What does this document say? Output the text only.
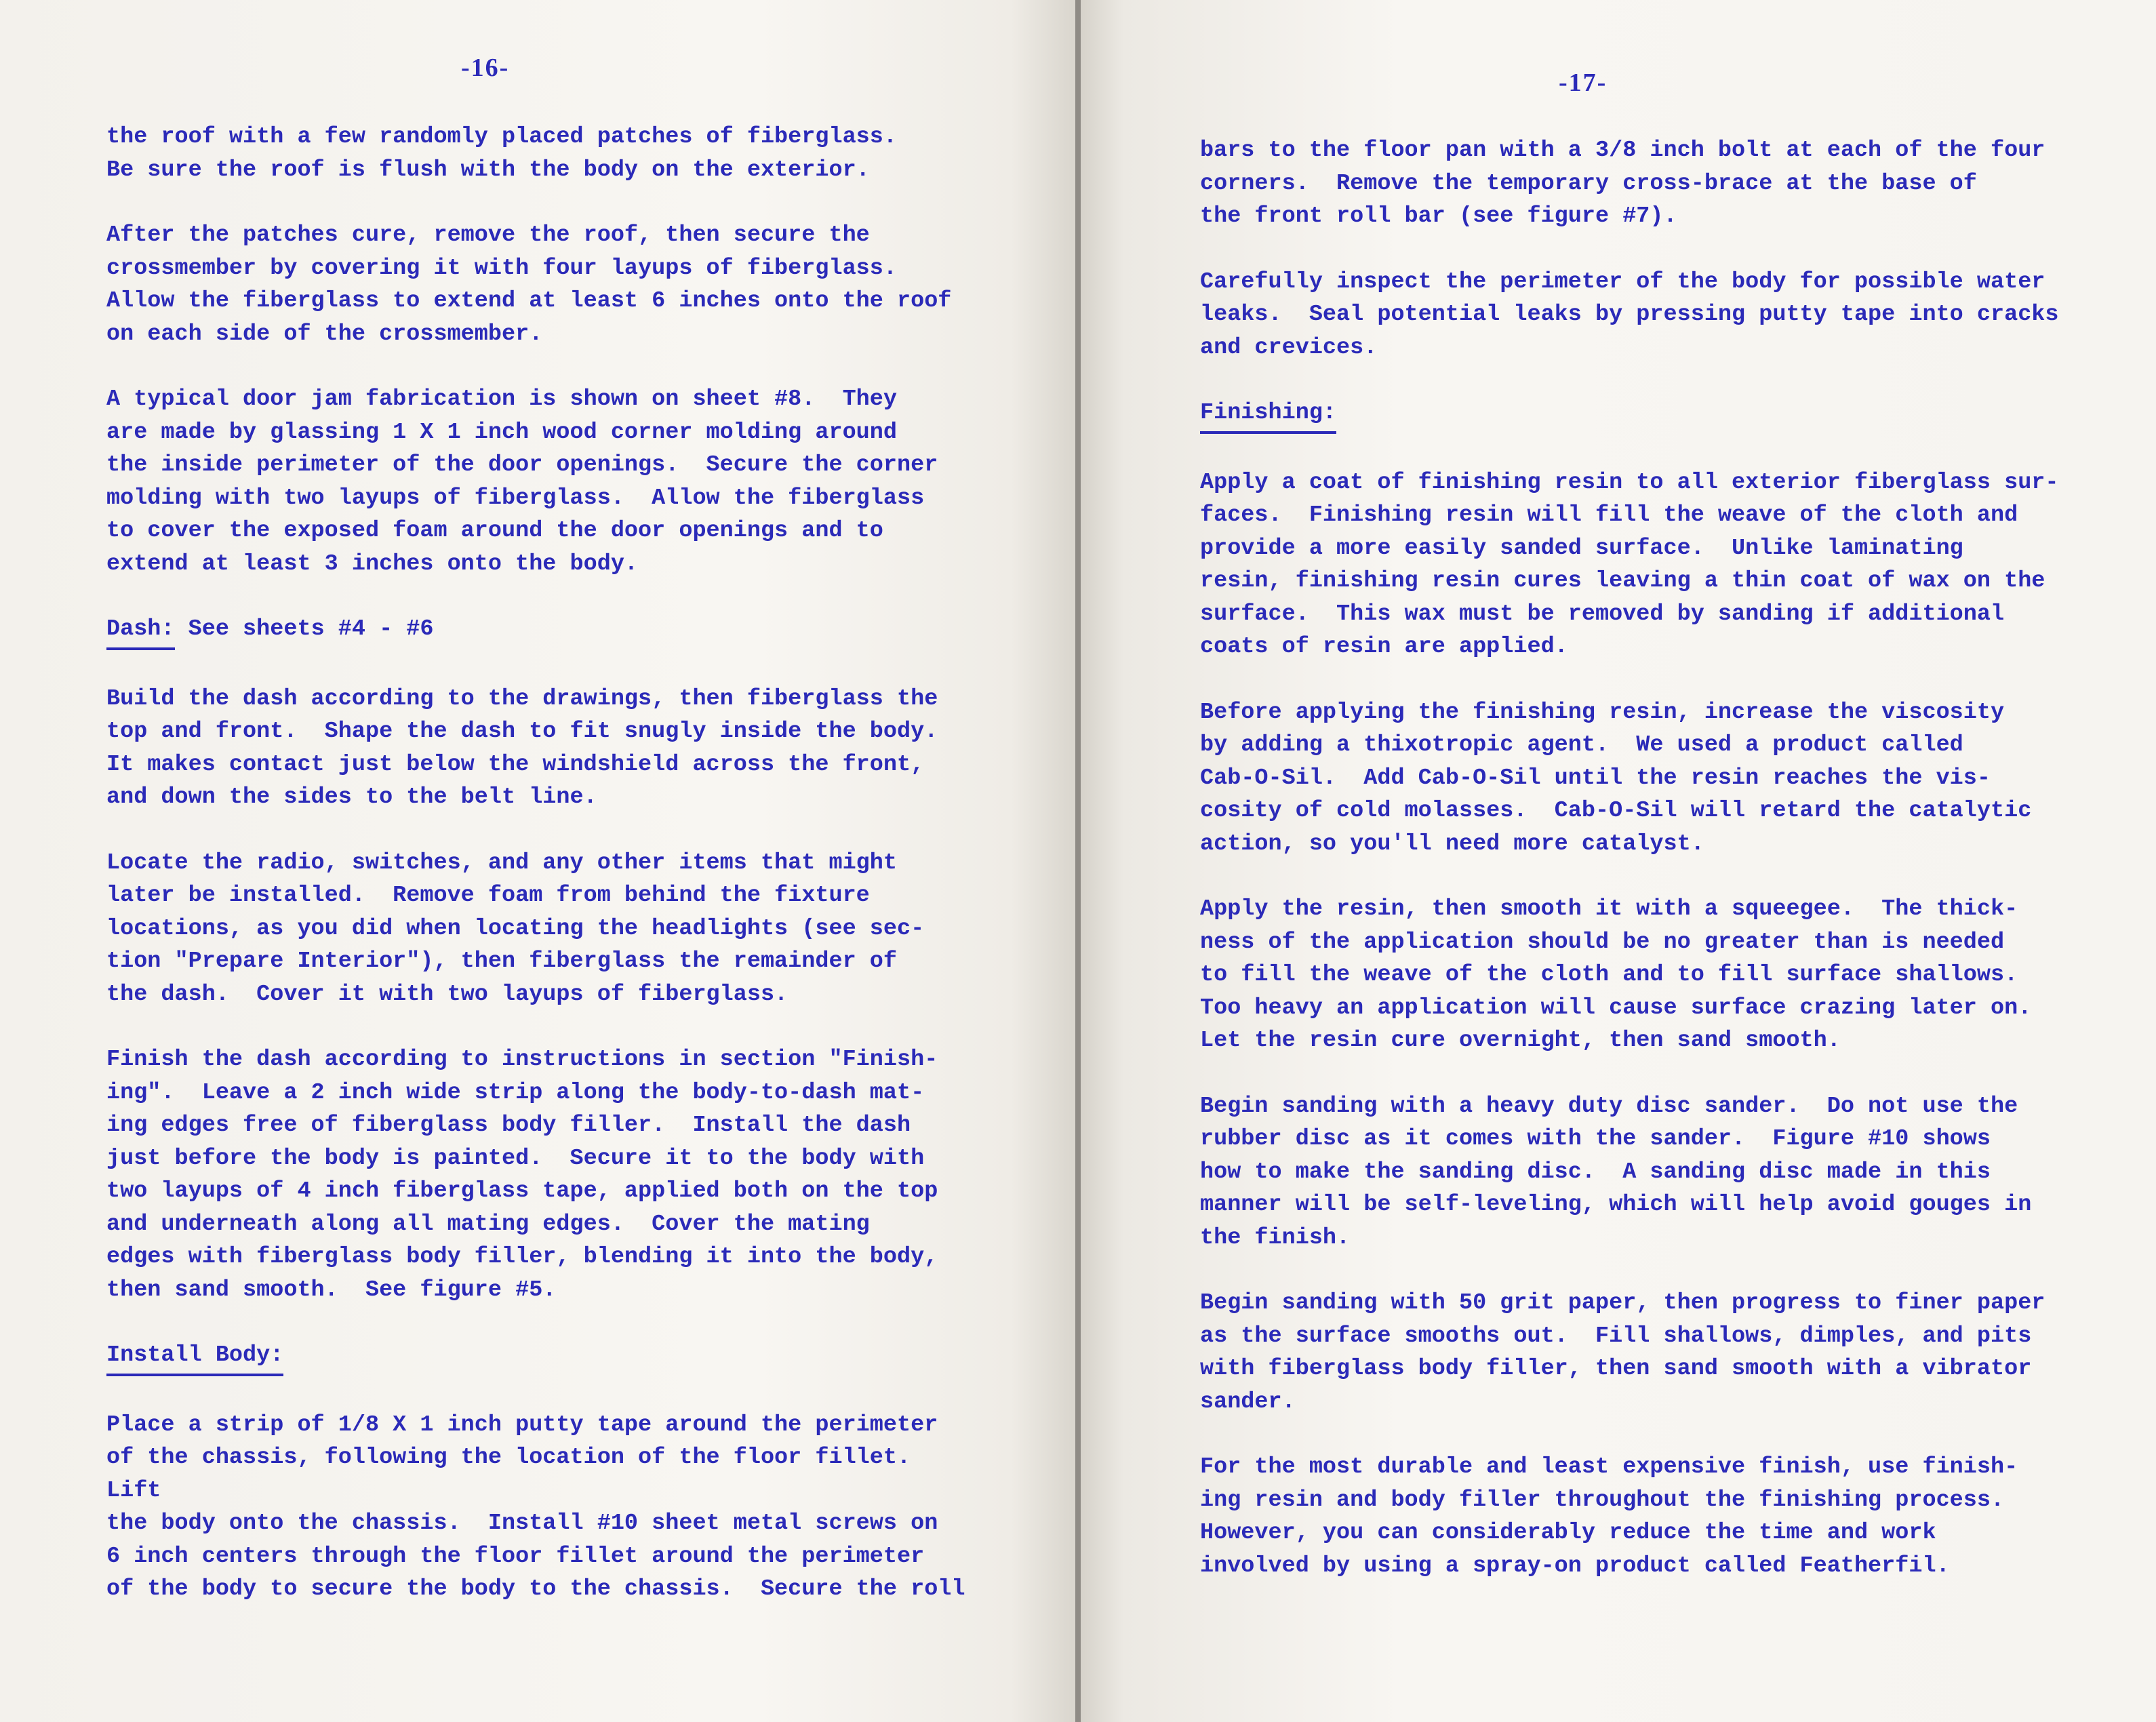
-16-
the roof with a few randomly placed patches of fiberglass.
Be sure the roof is flush with the body on the exterior.
After the patches cure, remove the roof, then secure the
crossmember by covering it with four layups of fiberglass.
Allow the fiberglass to extend at least 6 inches onto the roof
on each side of the crossmember.
A typical door jam fabrication is shown on sheet #8.  They
are made by glassing 1 X 1 inch wood corner molding around
the inside perimeter of the door openings.  Secure the corner
molding with two layups of fiberglass.  Allow the fiberglass
to cover the exposed foam around the door openings and to
extend at least 3 inches onto the body.
Dash: See sheets #4 - #6
Build the dash according to the drawings, then fiberglass the
top and front.  Shape the dash to fit snugly inside the body.
It makes contact just below the windshield across the front,
and down the sides to the belt line.
Locate the radio, switches, and any other items that might
later be installed.  Remove foam from behind the fixture
locations, as you did when locating the headlights (see sec-
tion "Prepare Interior"), then fiberglass the remainder of
the dash.  Cover it with two layups of fiberglass.
Finish the dash according to instructions in section "Finish-
ing".  Leave a 2 inch wide strip along the body-to-dash mat-
ing edges free of fiberglass body filler.  Install the dash
just before the body is painted.  Secure it to the body with
two layups of 4 inch fiberglass tape, applied both on the top
and underneath along all mating edges.  Cover the mating
edges with fiberglass body filler, blending it into the body,
then sand smooth.  See figure #5.
Install Body:
Place a strip of 1/8 X 1 inch putty tape around the perimeter
of the chassis, following the location of the floor fillet.  Lift
the body onto the chassis.  Install #10 sheet metal screws on
6 inch centers through the floor fillet around the perimeter
of the body to secure the body to the chassis.  Secure the roll
-17-
bars to the floor pan with a 3/8 inch bolt at each of the four
corners.  Remove the temporary cross-brace at the base of
the front roll bar (see figure #7).
Carefully inspect the perimeter of the body for possible water
leaks.  Seal potential leaks by pressing putty tape into cracks
and crevices.
Finishing:
Apply a coat of finishing resin to all exterior fiberglass sur-
faces.  Finishing resin will fill the weave of the cloth and
provide a more easily sanded surface.  Unlike laminating
resin, finishing resin cures leaving a thin coat of wax on the
surface.  This wax must be removed by sanding if additional
coats of resin are applied.
Before applying the finishing resin, increase the viscosity
by adding a thixotropic agent.  We used a product called
Cab-O-Sil.  Add Cab-O-Sil until the resin reaches the vis-
cosity of cold molasses.  Cab-O-Sil will retard the catalytic
action, so you'll need more catalyst.
Apply the resin, then smooth it with a squeegee.  The thick-
ness of the application should be no greater than is needed
to fill the weave of the cloth and to fill surface shallows.
Too heavy an application will cause surface crazing later on.
Let the resin cure overnight, then sand smooth.
Begin sanding with a heavy duty disc sander.  Do not use the
rubber disc as it comes with the sander.  Figure #10 shows
how to make the sanding disc.  A sanding disc made in this
manner will be self-leveling, which will help avoid gouges in
the finish.
Begin sanding with 50 grit paper, then progress to finer paper
as the surface smooths out.  Fill shallows, dimples, and pits
with fiberglass body filler, then sand smooth with a vibrator
sander.
For the most durable and least expensive finish, use finish-
ing resin and body filler throughout the finishing process.
However, you can considerably reduce the time and work
involved by using a spray-on product called Featherfil.
